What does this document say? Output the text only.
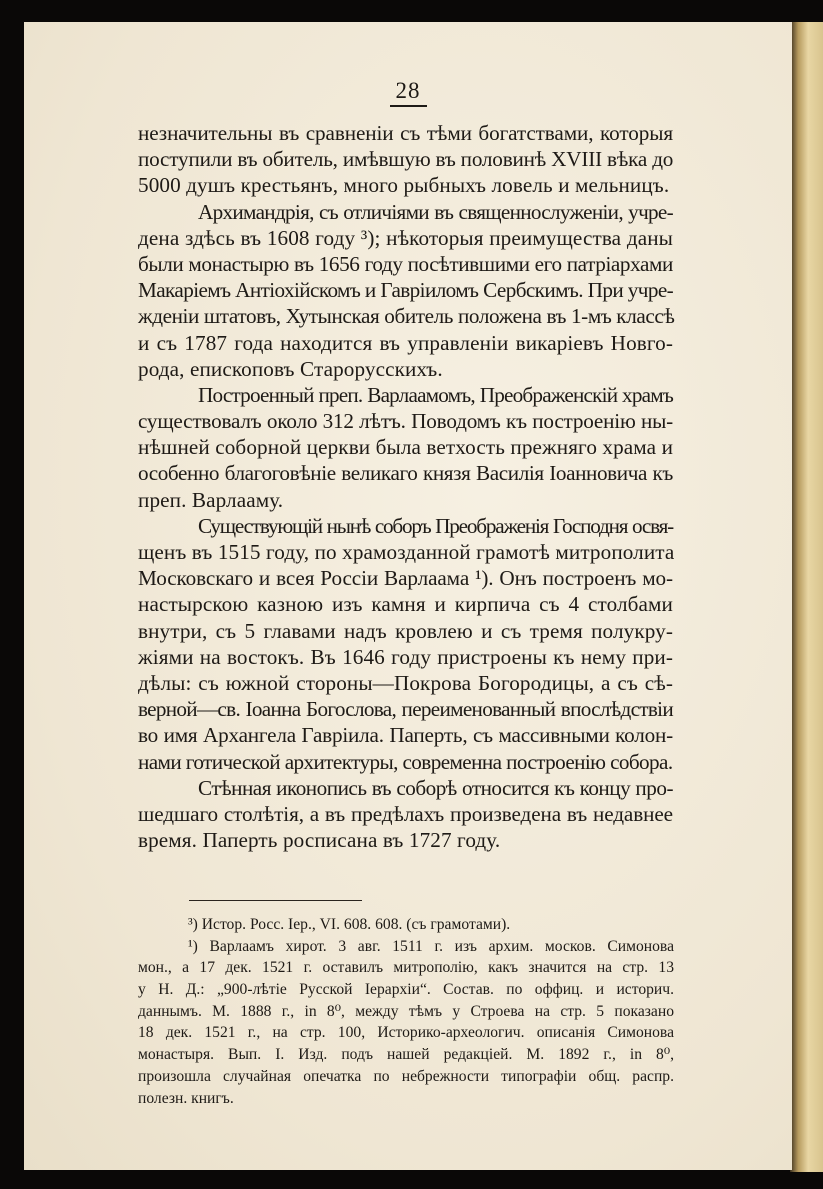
28
незначительны въ сравненіи съ тѣми богатствами, которыя
поступили въ обитель, имѣвшую въ половинѣ XVIII вѣка до
5000 душъ крестьянъ, много рыбныхъ ловель и мельницъ.
Архимандрія, съ отличіями въ священнослуженіи, учре-
дена здѣсь въ 1608 году ³); нѣкоторыя преимущества даны
были монастырю въ 1656 году посѣтившими его патріархами
Макаріемъ Антіохійскомъ и Гавріиломъ Сербскимъ. При учре-
жденіи штатовъ, Хутынская обитель положена въ 1-мъ классѣ
и съ 1787 года находится въ управленіи викаріевъ Новго-
рода, епископовъ Старорусскихъ.
Построенный преп. Варлаамомъ, Преображенскій храмъ
существовалъ около 312 лѣтъ. Поводомъ къ построенію ны-
нѣшней соборной церкви была ветхость прежняго храма и
особенно благоговѣніе великаго князя Василія Іоанновича къ
преп. Варлааму.
Существующій нынѣ соборъ Преображенія Господня освя-
щенъ въ 1515 году, по храмозданной грамотѣ митрополита
Московскаго и всея Россіи Варлаама ¹). Онъ построенъ мо-
настырскою казною изъ камня и кирпича съ 4 столбами
внутри, съ 5 главами надъ кровлею и съ тремя полукру-
жіями на востокъ. Въ 1646 году пристроены къ нему при-
дѣлы: съ южной стороны—Покрова Богородицы, а съ сѣ-
верной—св. Іоанна Богослова, переименованный впослѣдствіи
во имя Архангела Гавріила. Паперть, съ массивными колон-
нами готической архитектуры, современна построенію собора.
Стѣнная иконопись въ соборѣ относится къ концу про-
шедшаго столѣтія, а въ предѣлахъ произведена въ недавнее
время. Паперть росписана въ 1727 году.
³) Истор. Росс. Іер., VI. 608. 608. (съ грамотами).
¹) Варлаамъ хирот. 3 авг. 1511 г. изъ архим. москов. Симонова
мон., а 17 дек. 1521 г. оставилъ митрополію, какъ значится на стр. 13
у Н. Д.: „900-лѣтіе Русской Іерархіи“. Состав. по оффиц. и историч.
даннымъ. М. 1888 г., in 8⁰, между тѣмъ у Строева на стр. 5 показано
18 дек. 1521 г., на стр. 100, Историко-археологич. описанія Симонова
монастыря. Вып. I. Изд. подъ нашей редакціей. М. 1892 г., in 8⁰,
произошла случайная опечатка по небрежности типографіи общ. распр.
полезн. книгъ.
